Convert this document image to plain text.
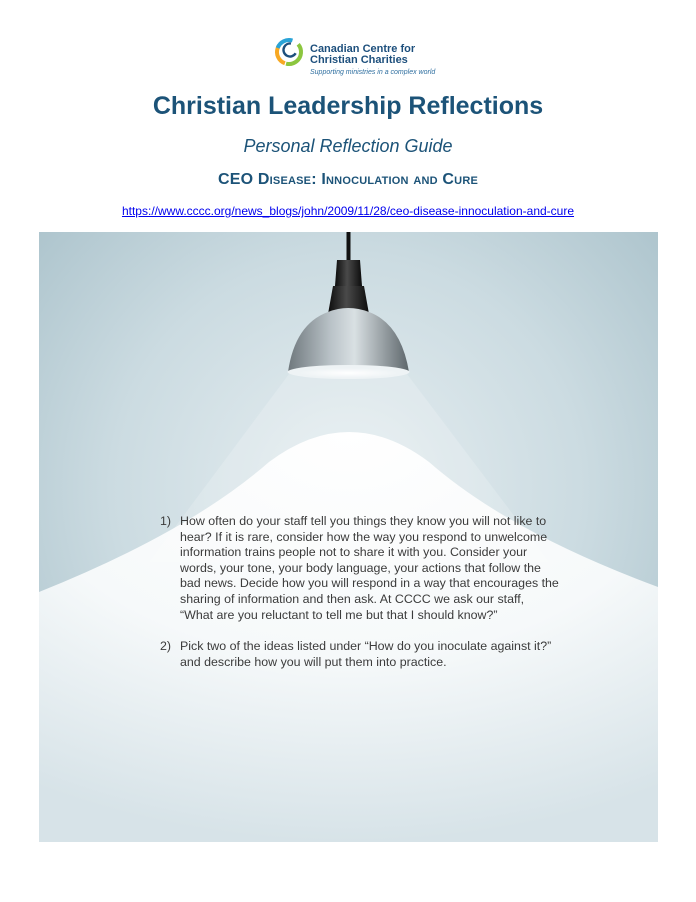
Canadian Centre for
Christian Charities
Supporting ministries in a complex world
Christian Leadership Reflections
Personal Reflection Guide
CEO Disease: Innoculation and Cure
https://www.cccc.org/news_blogs/john/2009/11/28/ceo-disease-innoculation-and-cure
1) How often do your staff tell you things they know you will not like to hear? If it is rare, consider how the way you respond to unwelcome information trains people not to share it with you. Consider your words, your tone, your body language, your actions that follow the bad news. Decide how you will respond in a way that encourages the sharing of information and then ask. At CCCC we ask our staff, “What are you reluctant to tell me but that I should know?”
2) Pick two of the ideas listed under “How do you inoculate against it?” and describe how you will put them into practice.
